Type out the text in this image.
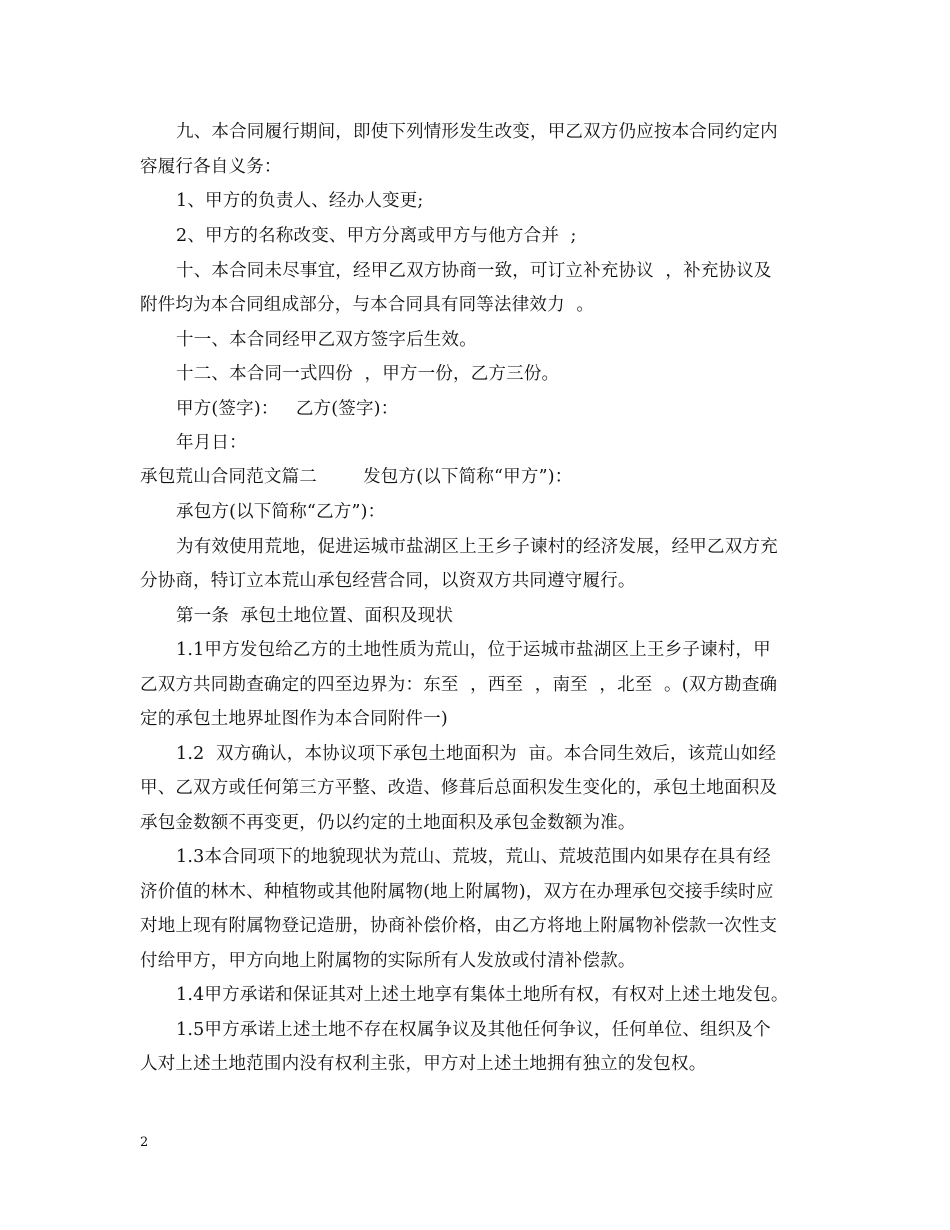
九、本合同履行期间，即使下列情形发生改变，甲乙双方仍应按本合同约定内
容履行各自义务：
1、甲方的负责人、经办人变更;
2、甲方的名称改变、甲方分离或甲方与他方合并  ;
十、本合同未尽事宜，经甲乙双方协商一致，可订立补充协议  ，补充协议及
附件均为本合同组成部分，与本合同具有同等法律效力  。
十一、本合同经甲乙双方签字后生效。
十二、本合同一式四份  ，甲方一份，乙方三份。
甲方(签字)：   乙方(签字)：
年月日：
承包荒山合同范文篇二        发包方(以下简称“甲方”)：
承包方(以下简称“乙方”)：
为有效使用荒地，促进运城市盐湖区上王乡子谏村的经济发展，经甲乙双方充
分协商，特订立本荒山承包经营合同，以资双方共同遵守履行。
第一条  承包土地位置、面积及现状
1.1甲方发包给乙方的土地性质为荒山，位于运城市盐湖区上王乡子谏村，甲
乙双方共同勘查确定的四至边界为：东至  ，西至  ，南至  ，北至  。(双方勘查确
定的承包土地界址图作为本合同附件一)
1.2  双方确认，本协议项下承包土地面积为  亩。本合同生效后，该荒山如经
甲、乙双方或任何第三方平整、改造、修葺后总面积发生变化的，承包土地面积及
承包金数额不再变更，仍以约定的土地面积及承包金数额为准。
1.3本合同项下的地貌现状为荒山、荒坡，荒山、荒坡范围内如果存在具有经
济价值的林木、种植物或其他附属物(地上附属物)，双方在办理承包交接手续时应
对地上现有附属物登记造册，协商补偿价格，由乙方将地上附属物补偿款一次性支
付给甲方，甲方向地上附属物的实际所有人发放或付清补偿款。
1.4甲方承诺和保证其对上述土地享有集体土地所有权，有权对上述土地发包。
1.5甲方承诺上述土地不存在权属争议及其他任何争议，任何单位、组织及个
人对上述土地范围内没有权利主张，甲方对上述土地拥有独立的发包权。
2
